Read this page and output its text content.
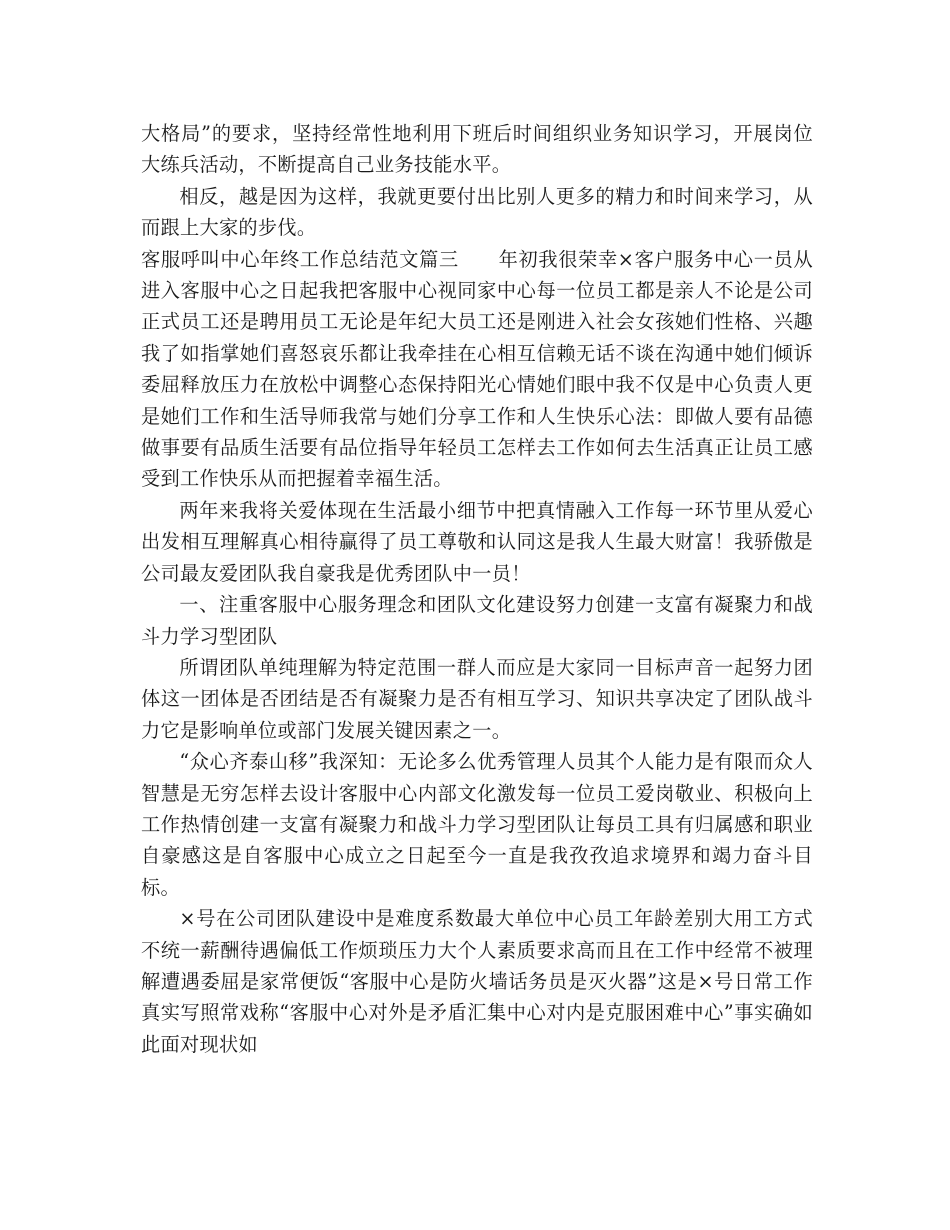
大格局”的要求，坚持经常性地利用下班后时间组织业务知识学习，开展岗位大练兵活动，不断提高自己业务技能水平。

相反，越是因为这样，我就更要付出比别人更多的精力和时间来学习，从而跟上大家的步伐。

客服呼叫中心年终工作总结范文篇三　　年初我很荣幸×客户服务中心一员从进入客服中心之日起我把客服中心视同家中心每一位员工都是亲人不论是公司正式员工还是聘用员工无论是年纪大员工还是刚进入社会女孩她们性格、兴趣我了如指掌她们喜怒哀乐都让我牵挂在心相互信赖无话不谈在沟通中她们倾诉委屈释放压力在放松中调整心态保持阳光心情她们眼中我不仅是中心负责人更是她们工作和生活导师我常与她们分享工作和人生快乐心法：即做人要有品德做事要有品质生活要有品位指导年轻员工怎样去工作如何去生活真正让员工感受到工作快乐从而把握着幸福生活。

两年来我将关爱体现在生活最小细节中把真情融入工作每一环节里从爱心出发相互理解真心相待赢得了员工尊敬和认同这是我人生最大财富！我骄傲是公司最友爱团队我自豪我是优秀团队中一员！

一、注重客服中心服务理念和团队文化建设努力创建一支富有凝聚力和战斗力学习型团队

所谓团队单纯理解为特定范围一群人而应是大家同一目标声音一起努力团体这一团体是否团结是否有凝聚力是否有相互学习、知识共享决定了团队战斗力它是影响单位或部门发展关键因素之一。

“众心齐泰山移”我深知：无论多么优秀管理人员其个人能力是有限而众人智慧是无穷怎样去设计客服中心内部文化激发每一位员工爱岗敬业、积极向上工作热情创建一支富有凝聚力和战斗力学习型团队让每员工具有归属感和职业自豪感这是自客服中心成立之日起至今一直是我孜孜追求境界和竭力奋斗目标。

×号在公司团队建设中是难度系数最大单位中心员工年龄差别大用工方式不统一薪酬待遇偏低工作烦琐压力大个人素质要求高而且在工作中经常不被理解遭遇委屈是家常便饭“客服中心是防火墙话务员是灭火器”这是×号日常工作真实写照常戏称“客服中心对外是矛盾汇集中心对内是克服困难中心”事实确如此面对现状如
